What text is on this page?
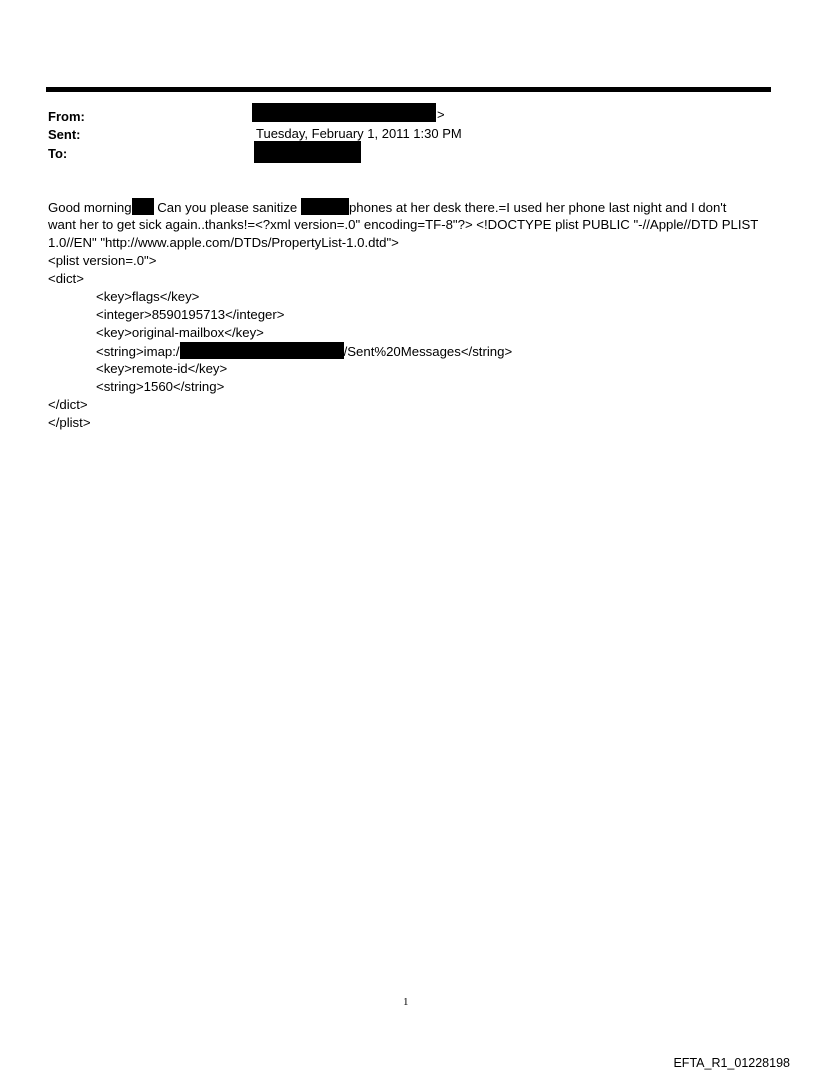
From:	>
Sent:	Tuesday, February 1, 2011 1:30 PM
To:
Good morning Can you please sanitize	phones at her desk there.=I used her phone last night and I don't
want her to get sick again..thanks!=<?xml version=.0" encoding=TF-8"?> <!DOCTYPE plist PUBLIC "-//Apple//DTD PLIST
1.0//EN" "http://www.apple.com/DTDs/PropertyList-1.0.dtd">
<plist version=.0">
<dict>
<key>flags</key>
<integer>8590195713</integer>
<key>original-mailbox</key>
<string>imap:/	/Sent%20Messages</string>
<key>remote-id</key>
<string>1560</string>
</dict>
</plist>
1
EFTA_R1_01228198
